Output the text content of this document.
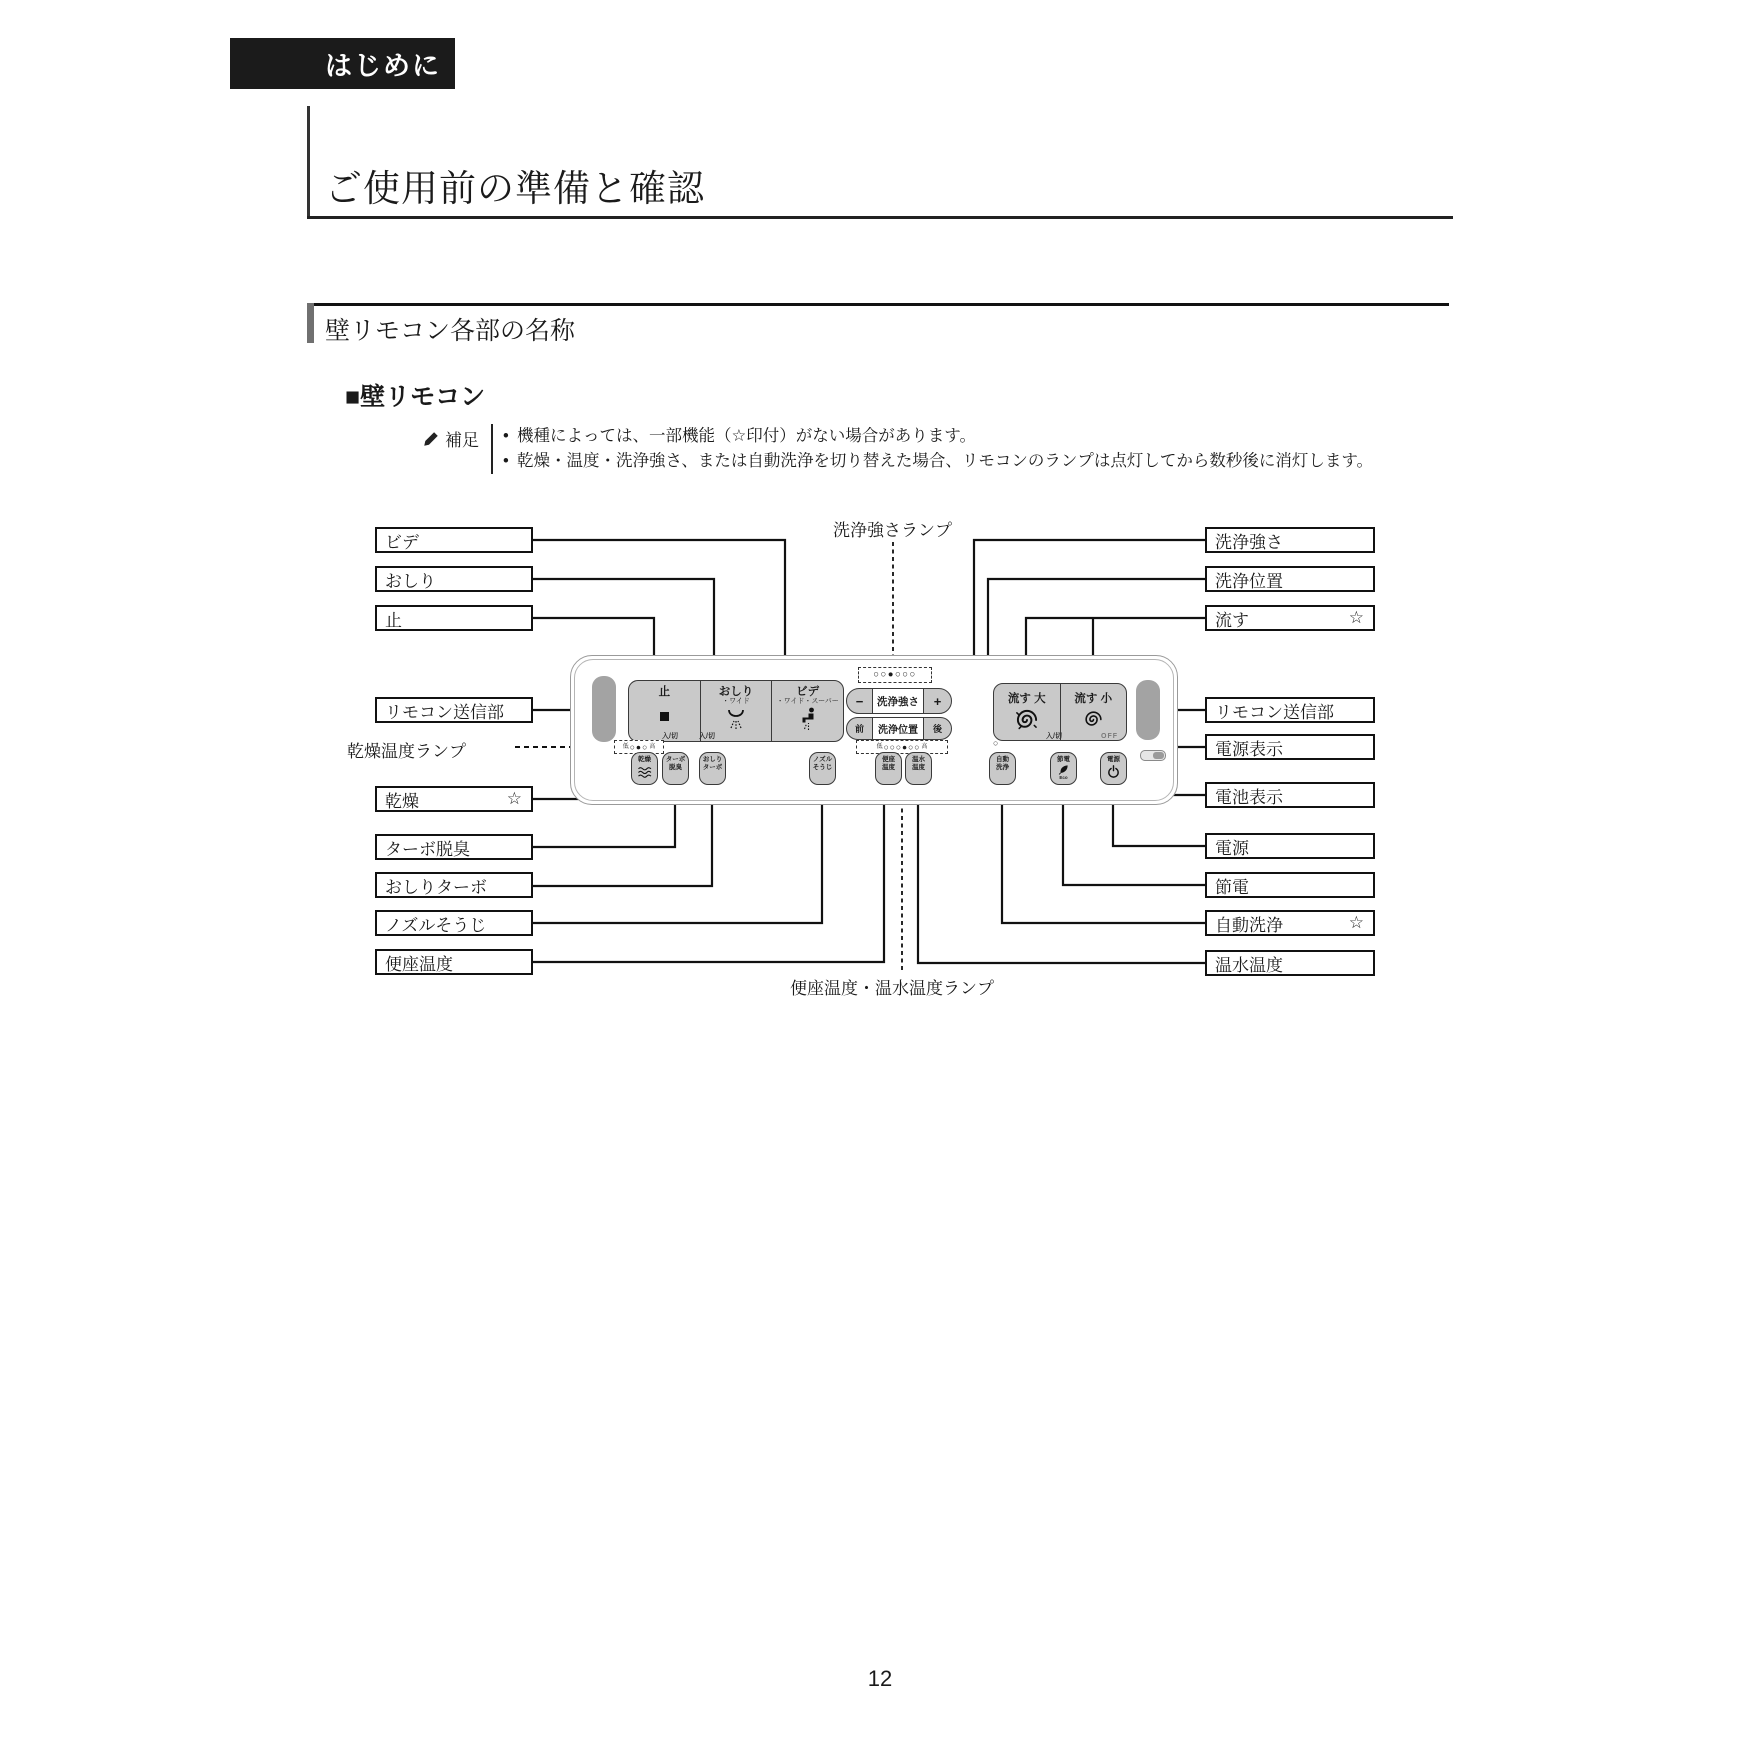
はじめに
ご使用前の準備と確認
壁リモコン各部の名称
■壁リモコン
補足	• 機種によっては、一部機能（☆印付）がない場合があります。
• 乾燥・温度・洗浄強さ、または自動洗浄を切り替えた場合、リモコンのランプは点灯してから数秒後に消灯します。
洗浄強さランプ
乾燥温度ランプ
便座温度・温水温度ランプ
ビデ
おしり
止
リモコン送信部
乾燥	☆
ターボ脱臭
おしりターボ
ノズルそうじ
便座温度
洗浄強さ
洗浄位置
流す	☆
リモコン送信部
電源表示
電池表示
電源
節電
自動洗浄	☆
温水温度
止	おしり
・ワイド
ビデ
・ワイド・スーパー
○○●○○○
−	洗浄強さ	+
前	洗浄位置	後
流す 大	流す 小
低 ○●○ 高	低 ○○○●○○ 高
入/切	入/切
○
入/切	OFF
乾燥 ターボ
脱臭
おしり
ターボ
ノズル
そうじ
便座
温度
温水
温度
自動
洗浄
節電
Eco
電源
12
